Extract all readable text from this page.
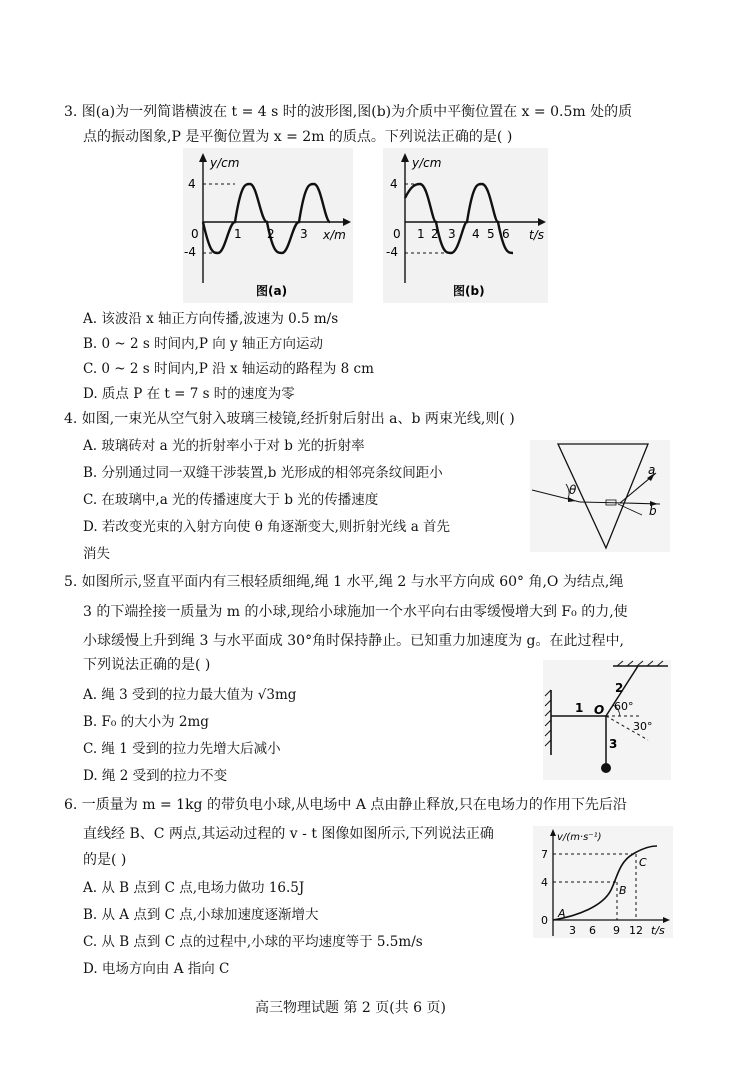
3. 图(a)为一列简谐横波在 t = 4 s 时的波形图,图(b)为介质中平衡位置在 x = 0.5m 处的质
点的振动图象,P 是平衡位置为 x = 2m 的质点。下列说法正确的是( )
y/cm
x/m
4
-4
0	1 2 3
图(a)
y/cm
t/s
4
-4
0 1 2 3 4 5 6
图(b)
A. 该波沿 x 轴正方向传播,波速为 0.5 m/s
B. 0 ~ 2 s 时间内,P 向 y 轴正方向运动
C. 0 ~ 2 s 时间内,P 沿 x 轴运动的路程为 8 cm
D. 质点 P 在 t = 7 s 时的速度为零
4. 如图,一束光从空气射入玻璃三棱镜,经折射后射出 a、b 两束光线,则( )
A. 玻璃砖对 a 光的折射率小于对 b 光的折射率
B. 分别通过同一双缝干涉装置,b 光形成的相邻亮条纹间距小
C. 在玻璃中,a 光的传播速度大于 b 光的传播速度
D. 若改变光束的入射方向使 θ 角逐渐变大,则折射光线 a 首先
消失
θ
a
b
5. 如图所示,竖直平面内有三根轻质细绳,绳 1 水平,绳 2 与水平方向成 60° 角,O 为结点,绳
3 的下端拴接一质量为 m 的小球,现给小球施加一个水平向右由零缓慢增大到 F₀ 的力,使
小球缓慢上升到绳 3 与水平面成 30°角时保持静止。已知重力加速度为 g。在此过程中,
下列说法正确的是( )
A. 绳 3 受到的拉力最大值为 √3mg
B. F₀ 的大小为 2mg
C. 绳 1 受到的拉力先增大后减小
D. 绳 2 受到的拉力不变
1
2
3
O 60°
30°
6. 一质量为 m = 1kg 的带负电小球,从电场中 A 点由静止释放,只在电场力的作用下先后沿
直线经 B、C 两点,其运动过程的 v - t 图像如图所示,下列说法正确
的是( )
A. 从 B 点到 C 点,电场力做功 16.5J
B. 从 A 点到 C 点,小球加速度逐渐增大
C. 从 B 点到 C 点的过程中,小球的平均速度等于 5.5m/s
D. 电场方向由 A 指向 C
v/(m·s⁻¹)
t/s
7
4
0
3 6 9 12
A
B
C
高三物理试题 第 2 页(共 6 页)
